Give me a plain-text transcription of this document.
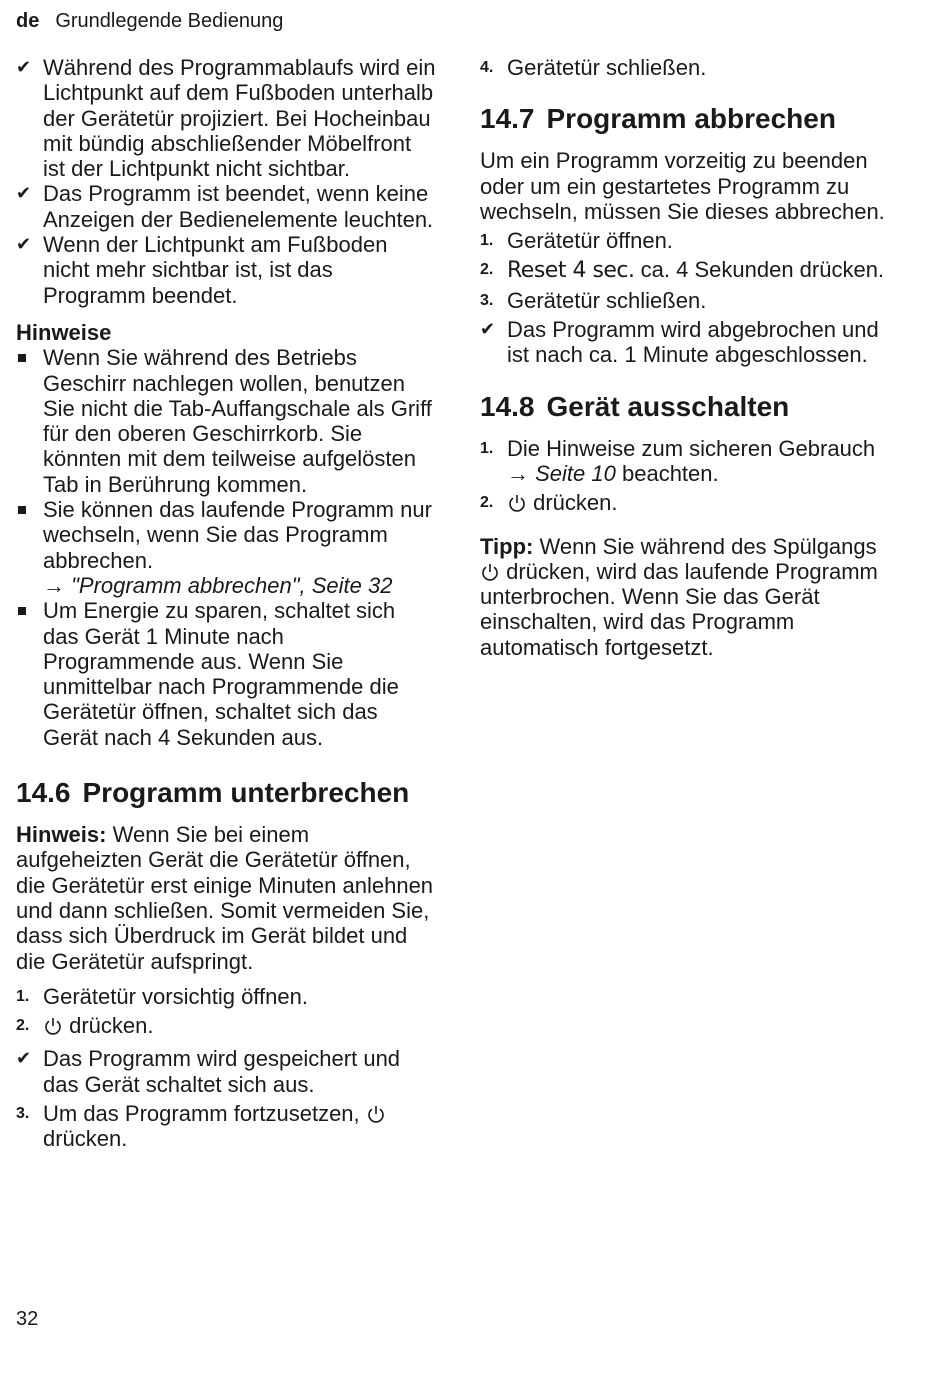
de Grundlegende Bedienung
✔ Während des Programmablaufs wird ein Lichtpunkt auf dem Fußboden unterhalb der Gerätetür projiziert. Bei Hocheinbau mit bündig abschließender Möbelfront ist der Lichtpunkt nicht sichtbar.
✔ Das Programm ist beendet, wenn keine Anzeigen der Bedienelemente leuchten.
✔ Wenn der Lichtpunkt am Fußboden nicht mehr sichtbar ist, ist das Programm beendet.
Hinweise
Wenn Sie während des Betriebs Geschirr nachlegen wollen, benutzen Sie nicht die Tab-Auffangschale als Griff für den oberen Geschirrkorb. Sie könnten mit dem teilweise aufgelösten Tab in Berührung kommen.
Sie können das laufende Programm nur wechseln, wenn Sie das Programm abbrechen.
→ "Programm abbrechen", Seite 32
Um Energie zu sparen, schaltet sich das Gerät 1 Minute nach Programmende aus. Wenn Sie unmittelbar nach Programmende die Gerätetür öffnen, schaltet sich das Gerät nach 4 Sekunden aus.
14.6 Programm unterbrechen
Hinweis: Wenn Sie bei einem aufgeheizten Gerät die Gerätetür öffnen, die Gerätetür erst einige Minuten anlehnen und dann schließen. Somit vermeiden Sie, dass sich Überdruck im Gerät bildet und die Gerätetür aufspringt.
1. Gerätetür vorsichtig öffnen.
2. drücken.
✔ Das Programm wird gespeichert und das Gerät schaltet sich aus.
3. Um das Programm fortzusetzen,  drücken.
4. Gerätetür schließen.
14.7 Programm abbrechen
Um ein Programm vorzeitig zu beenden oder um ein gestartetes Programm zu wechseln, müssen Sie dieses abbrechen.
1. Gerätetür öffnen.
2. Reset 4 sec. ca. 4 Sekunden drücken.
3. Gerätetür schließen.
✔ Das Programm wird abgebrochen und ist nach ca. 1 Minute abgeschlossen.
14.8 Gerät ausschalten
1. Die Hinweise zum sicheren Gebrauch → Seite 10 beachten.
2. drücken.
Tipp: Wenn Sie während des Spülgangs  drücken, wird das laufende Programm unterbrochen. Wenn Sie das Gerät einschalten, wird das Programm automatisch fortgesetzt.
32
